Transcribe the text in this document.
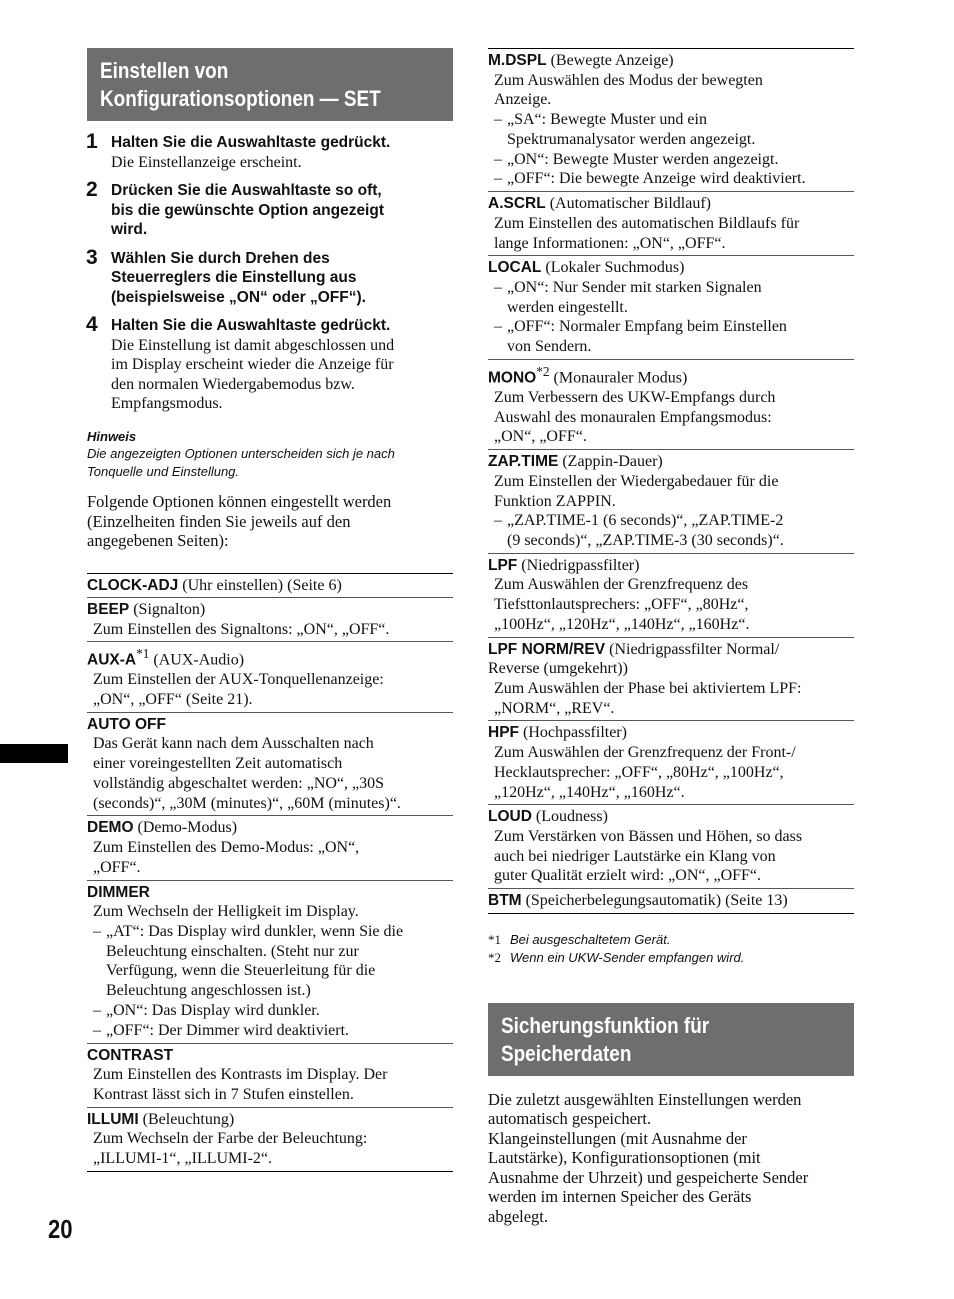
Einstellen von
Konfigurationsoptionen — SET
1 Halten Sie die Auswahltaste gedrückt.
Die Einstellanzeige erscheint.
2 Drücken Sie die Auswahltaste so oft,
bis die gewünschte Option angezeigt
wird.
3 Wählen Sie durch Drehen des
Steuerreglers die Einstellung aus
(beispielsweise „ON“ oder „OFF“).
4 Halten Sie die Auswahltaste gedrückt.
Die Einstellung ist damit abgeschlossen und
im Display erscheint wieder die Anzeige für
den normalen Wiedergabemodus bzw.
Empfangsmodus.
Hinweis
Die angezeigten Optionen unterscheiden sich je nach
Tonquelle und Einstellung.
Folgende Optionen können eingestellt werden
(Einzelheiten finden Sie jeweils auf den
angegebenen Seiten):
CLOCK-ADJ (Uhr einstellen) (Seite 6)
BEEP (Signalton)
Zum Einstellen des Signaltons: „ON“, „OFF“.
AUX-$A^{*1}$ (AUX-Audio)
Zum Einstellen der AUX-Tonquellenanzeige:
„ON“, „OFF“ (Seite 21).
AUTO OFF
Das Gerät kann nach dem Ausschalten nach
einer voreingestellten Zeit automatisch
vollständig abgeschaltet werden: „NO“, „30S
(seconds)“, „30M (minutes)“, „60M (minutes)“.
DEMO (Demo-Modus)
Zum Einstellen des Demo-Modus: „ON“,
„OFF“.
DIMMER
Zum Wechseln der Helligkeit im Display.
– „AT“: Das Display wird dunkler, wenn Sie die
Beleuchtung einschalten. (Steht nur zur
Verfügung, wenn die Steuerleitung für die
Beleuchtung angeschlossen ist.)
– „ON“: Das Display wird dunkler.
– „OFF“: Der Dimmer wird deaktiviert.
CONTRAST
Zum Einstellen des Kontrasts im Display. Der
Kontrast lässt sich in 7 Stufen einstellen.
ILLUMI (Beleuchtung)
Zum Wechseln der Farbe der Beleuchtung:
„ILLUMI-1“, „ILLUMI-2“.
M.DSPL (Bewegte Anzeige)
Zum Auswählen des Modus der bewegten
Anzeige.
– „SA“: Bewegte Muster und ein
Spektrumanalysator werden angezeigt.
– „ON“: Bewegte Muster werden angezeigt.
– „OFF“: Die bewegte Anzeige wird deaktiviert.
A.SCRL (Automatischer Bildlauf)
Zum Einstellen des automatischen Bildlaufs für
lange Informationen: „ON“, „OFF“.
LOCAL (Lokaler Suchmodus)
– „ON“: Nur Sender mit starken Signalen
werden eingestellt.
– „OFF“: Normaler Empfang beim Einstellen
von Sendern.
MONO$^{*2}$ (Monauraler Modus)
Zum Verbessern des UKW-Empfangs durch
Auswahl des monauralen Empfangsmodus:
„ON“, „OFF“.
ZAP.TIME (Zappin-Dauer)
Zum Einstellen der Wiedergabedauer für die
Funktion ZAPPIN.
– „ZAP.TIME-1 (6 seconds)“, „ZAP.TIME-2
(9 seconds)“, „ZAP.TIME-3 (30 seconds)“.
LPF (Niedrigpassfilter)
Zum Auswählen der Grenzfrequenz des
Tiefsttonlautsprechers: „OFF“, „80Hz“,
„100Hz“, „120Hz“, „140Hz“, „160Hz“.
LPF NORM/REV (Niedrigpassfilter Normal/
Reverse (umgekehrt))
Zum Auswählen der Phase bei aktiviertem LPF:
„NORM“, „REV“.
HPF (Hochpassfilter)
Zum Auswählen der Grenzfrequenz der Front-/
Hecklautsprecher: „OFF“, „80Hz“, „100Hz“,
„120Hz“, „140Hz“, „160Hz“.
LOUD (Loudness)
Zum Verstärken von Bässen und Höhen, so dass
auch bei niedriger Lautstärke ein Klang von
guter Qualität erzielt wird: „ON“, „OFF“.
BTM (Speicherbelegungsautomatik) (Seite 13)
*1 Bei ausgeschaltetem Gerät.
*2 Wenn ein UKW-Sender empfangen wird.
Sicherungsfunktion für
Speicherdaten
Die zuletzt ausgewählten Einstellungen werden
automatisch gespeichert.
Klangeinstellungen (mit Ausnahme der
Lautstärke), Konfigurationsoptionen (mit
Ausnahme der Uhrzeit) und gespeicherte Sender
werden im internen Speicher des Geräts
abgelegt.
20
